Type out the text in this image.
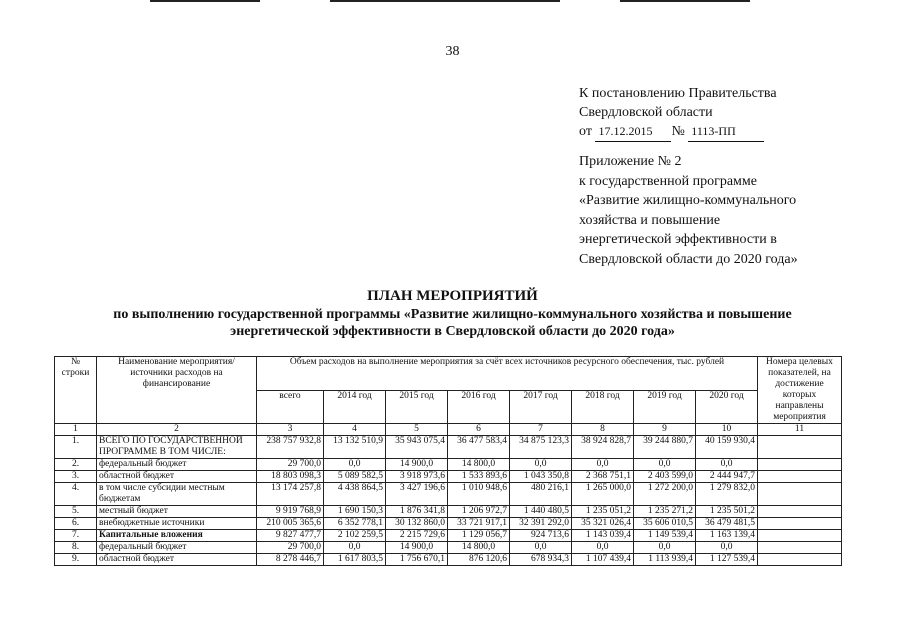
38
К постановлению Правительства
Свердловской области
от 17.12.2015 № 1113-ПП
Приложение № 2
к государственной программе
«Развитие жилищно-коммунального
хозяйства и повышение
энергетической эффективности в
Свердловской области до 2020 года»
ПЛАН МЕРОПРИЯТИЙ
по выполнению государственной программы «Развитие жилищно-коммунального хозяйства и повышение
энергетической эффективности в Свердловской области до 2020 года»
№ строки	Наименование мероприятия/источники расходов на финансирование	Объем расходов на выполнение мероприятия за счёт всех источников ресурсного обеспечения, тыс. рублей								Номера целевых показателей, на достижение которых направлены мероприятия
		всего	2014 год	2015 год	2016 год	2017 год	2018 год	2019 год	2020 год	
1	2	3	4	5	6	7	8	9	10	11
1.	ВСЕГО ПО ГОСУДАРСТВЕННОЙ ПРОГРАММЕ В ТОМ ЧИСЛЕ:	238 757 932,8	13 132 510,9	35 943 075,4	36 477 583,4	34 875 123,3	38 924 828,7	39 244 880,7	40 159 930,4	
2.	федеральный бюджет	29 700,0	0,0	14 900,0	14 800,0	0,0	0,0	0,0	0,0	
3.	областной бюджет	18 803 098,3	5 089 582,5	3 918 973,6	1 533 893,6	1 043 350,8	2 368 751,1	2 403 599,0	2 444 947,7	
4.	в том числе субсидии местным бюджетам	13 174 257,8	4 438 864,5	3 427 196,6	1 010 948,6	480 216,1	1 265 000,0	1 272 200,0	1 279 832,0	
5.	местный бюджет	9 919 768,9	1 690 150,3	1 876 341,8	1 206 972,7	1 440 480,5	1 235 051,2	1 235 271,2	1 235 501,2	
6.	внебюджетные источники	210 005 365,6	6 352 778,1	30 132 860,0	33 721 917,1	32 391 292,0	35 321 026,4	35 606 010,5	36 479 481,5	
7.	Капитальные вложения	9 827 477,7	2 102 259,5	2 215 729,6	1 129 056,7	924 713,6	1 143 039,4	1 149 539,4	1 163 139,4	
8.	федеральный бюджет	29 700,0	0,0	14 900,0	14 800,0	0,0	0,0	0,0	0,0	
9.	областной бюджет	8 278 446,7	1 617 803,5	1 756 670,1	876 120,6	678 934,3	1 107 439,4	1 113 939,4	1 127 539,4	
